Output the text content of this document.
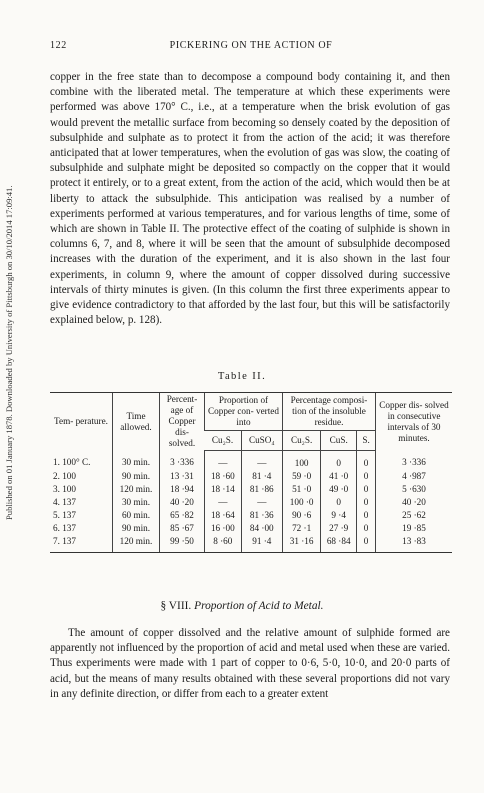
Published on 01 January 1878. Downloaded by University of Pittsburgh on 30/10/2014 17:09:41.
122	PICKERING ON THE ACTION OF
copper in the free state than to decompose a compound body containing it, and then combine with the liberated metal. The temperature at which these experiments were performed was above 170° C., i.e., at a temperature when the brisk evolution of gas would prevent the metallic surface from becoming so densely coated by the deposition of subsulphide and sulphate as to protect it from the action of the acid; it was therefore anticipated that at lower temperatures, when the evolution of gas was slow, the coating of subsulphide and sulphate might be deposited so compactly on the copper that it would protect it entirely, or to a great extent, from the action of the acid, which would then be at liberty to attack the subsulphide. This anticipation was realised by a number of experiments performed at various temperatures, and for various lengths of time, some of which are shown in Table II. The protective effect of the coating of sulphide is shown in columns 6, 7, and 8, where it will be seen that the amount of subsulphide decomposed increases with the duration of the experiment, and it is also shown in the last four experiments, in column 9, where the amount of copper dissolved during successive intervals of thirty minutes is given. (In this column the first three experiments appear to give evidence contradictory to that afforded by the last four, but this will be satisfactorily explained below, p. 128).
Table II.
Tem- perature.	Time allowed.	Percent- age of Copper dis- solved.	Proportion of Copper con- verted into		Percentage composi- tion of the insoluble residue.			Copper dis- solved in consecutive intervals of 30 minutes.
			Cu₂S.	CuSO₄	Cu₂S.	CuS.	S.	
1. 100° C.	30 min.	3 ·336	—	—	100	0	0	3 ·336
2. 100	90 min.	13 ·31	18 ·60	81 ·4	59 ·0	41 ·0	0	4 ·987
3. 100	120 min.	18 ·94	18 ·14	81 ·86	51 ·0	49 ·0	0	5 ·630
4. 137	30 min.	40 ·20	—	—	100 ·0	0	0	40 ·20
5. 137	60 min.	65 ·82	18 ·64	81 ·36	90 ·6	9 ·4	0	25 ·62
6. 137	90 min.	85 ·67	16 ·00	84 ·00	72 ·1	27 ·9	0	19 ·85
7. 137	120 min.	99 ·50	8 ·60	91 ·4	31 ·16	68 ·84	0	13 ·83
§ VIII. Proportion of Acid to Metal.
The amount of copper dissolved and the relative amount of sulphide formed are apparently not influenced by the proportion of acid and metal used when these are varied. Thus experiments were made with 1 part of copper to 0·6, 5·0, 10·0, and 20·0 parts of acid, but the means of many results obtained with these several proportions did not vary in any definite direction, or differ from each to a greater extent
